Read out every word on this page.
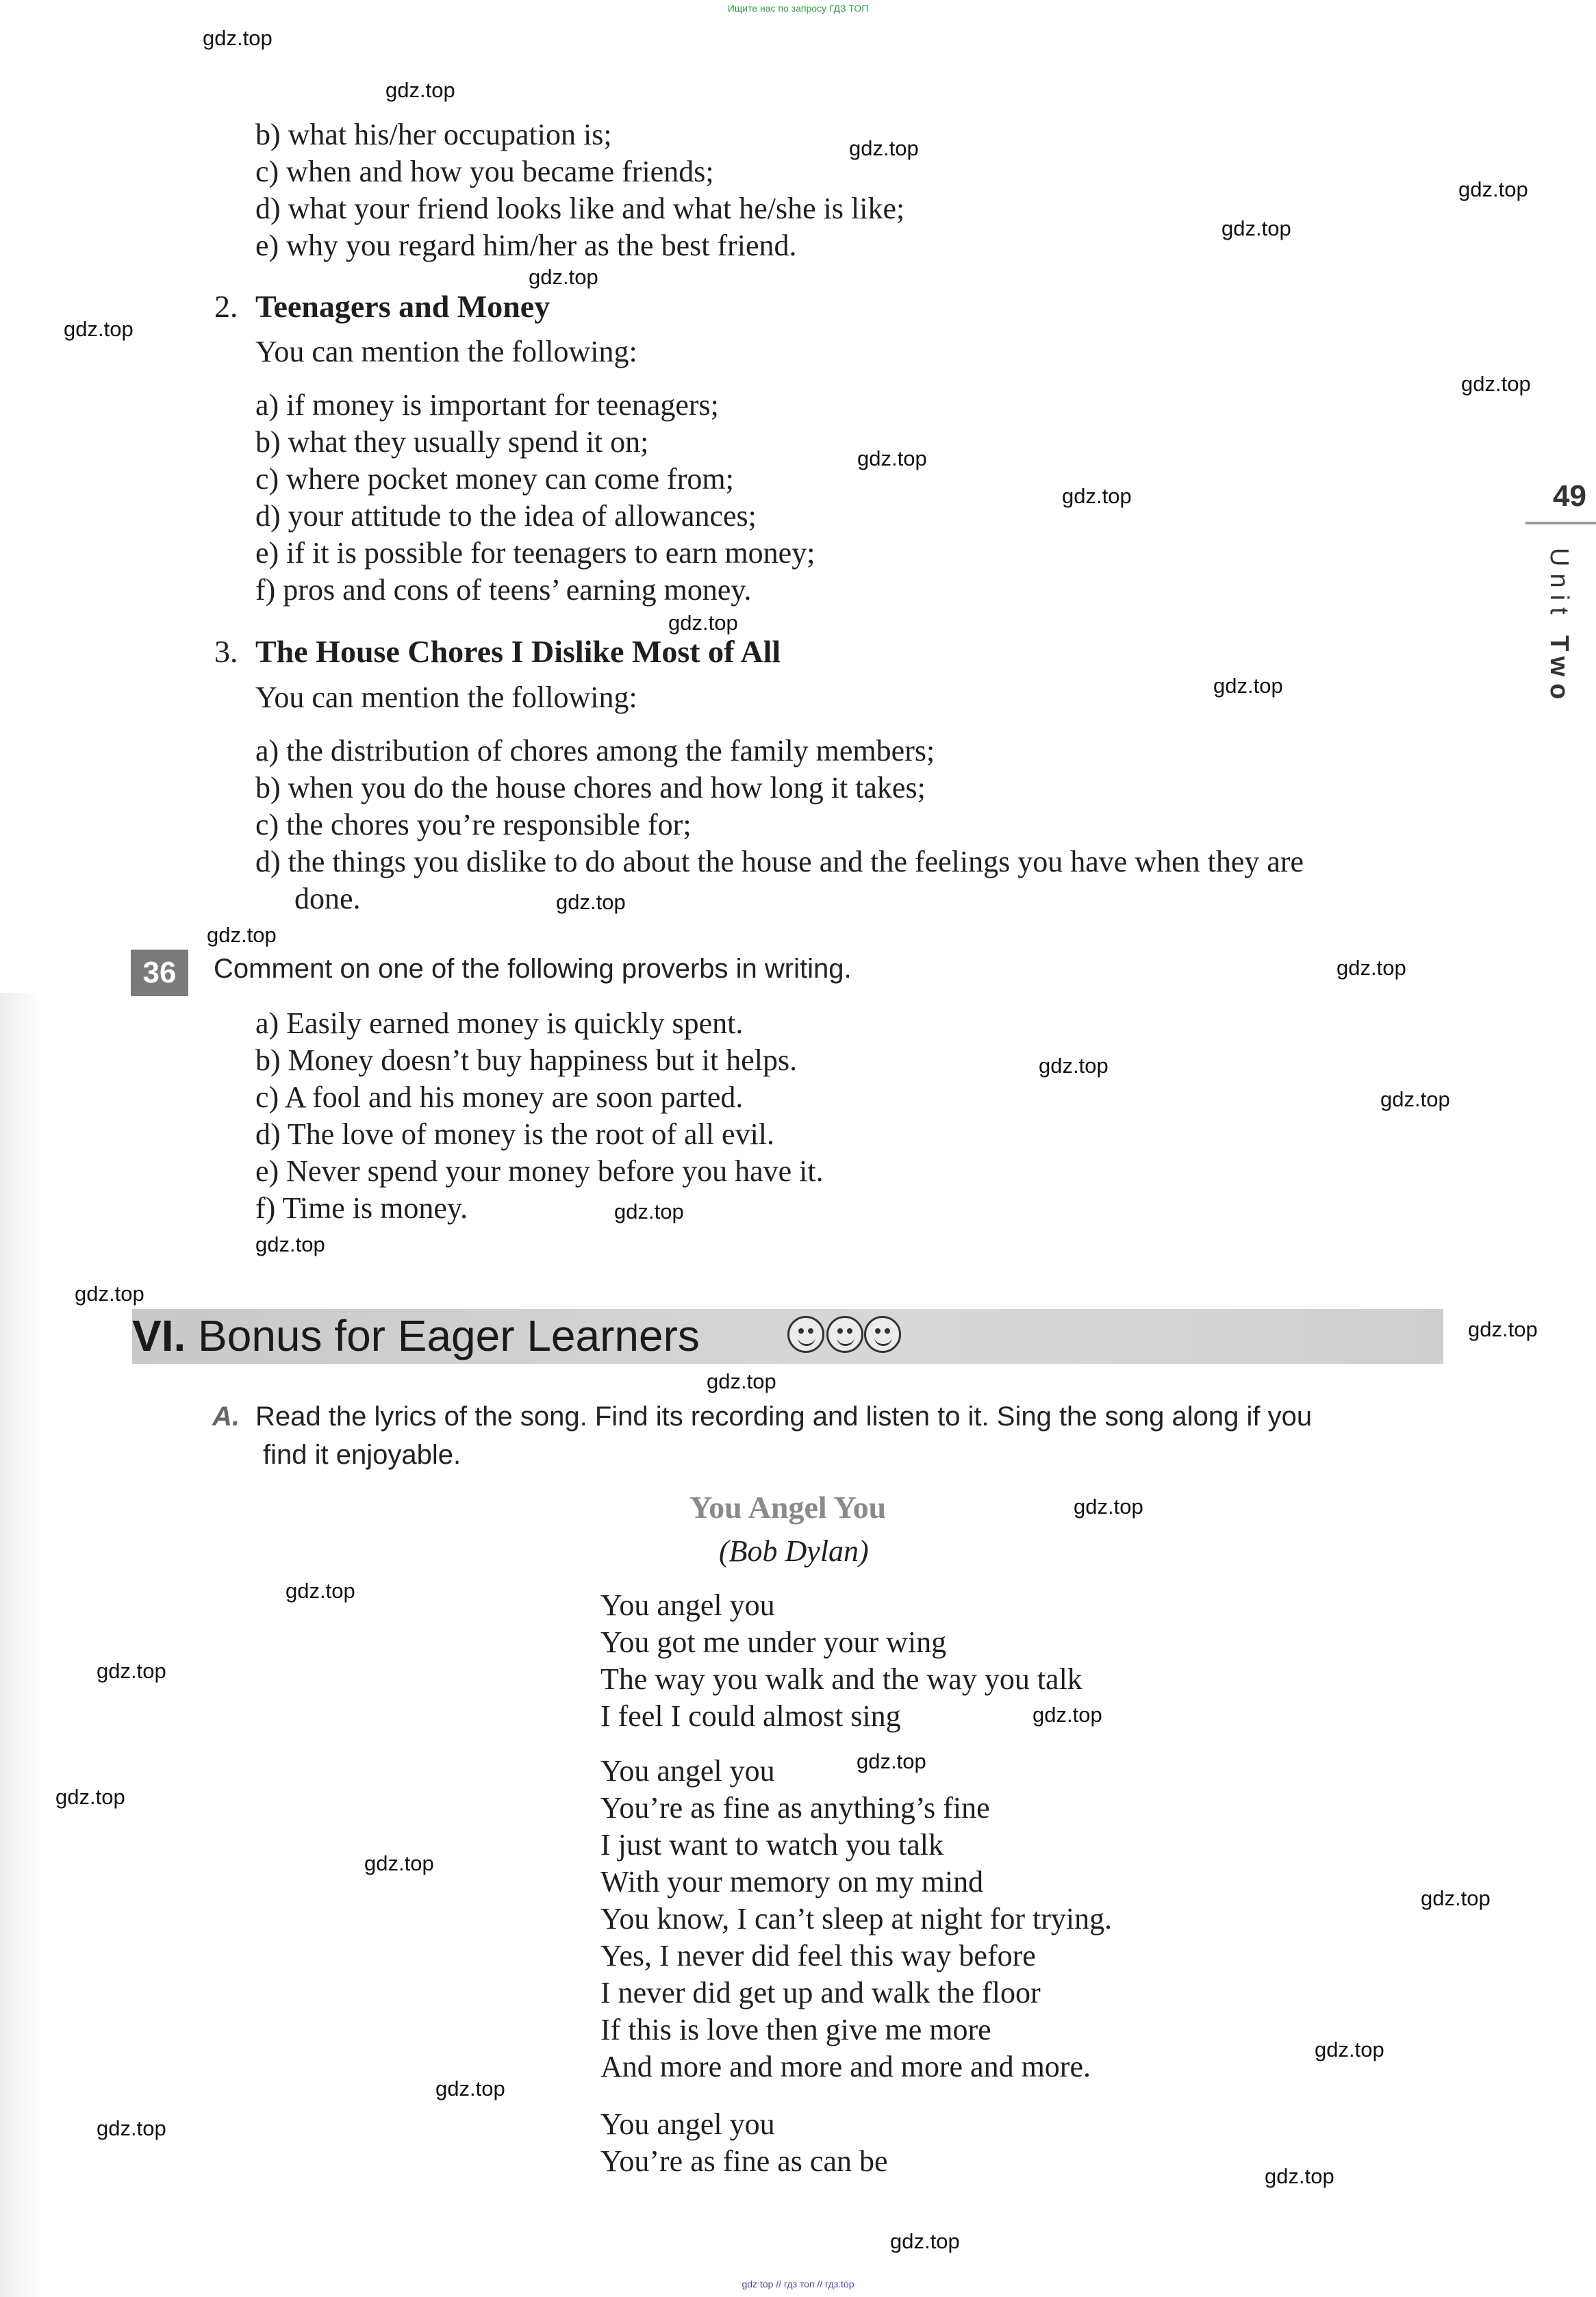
Ищите нас по запросу ГДЗ ТОП
gdz top // гдз топ // гдз.top
49
Unit Two
b) what his/her occupation is;
c) when and how you became friends;
d) what your friend looks like and what he/she is like;
e) why you regard him/her as the best friend.
2. Teenagers and Money
You can mention the following:
a) if money is important for teenagers;
b) what they usually spend it on;
c) where pocket money can come from;
d) your attitude to the idea of allowances;
e) if it is possible for teenagers to earn money;
f) pros and cons of teens’ earning money.
3. The House Chores I Dislike Most of All
You can mention the following:
a) the distribution of chores among the family members;
b) when you do the house chores and how long it takes;
c) the chores you’re responsible for;
d) the things you dislike to do about the house and the feelings you have when they are
done.
36	Comment on one of the following proverbs in writing.
a) Easily earned money is quickly spent.
b) Money doesn’t buy happiness but it helps.
c) A fool and his money are soon parted.
d) The love of money is the root of all evil.
e) Never spend your money before you have it.
f) Time is money.
VI. Bonus for Eager Learners
A. Read the lyrics of the song. Find its recording and listen to it. Sing the song along if you
find it enjoyable.
You Angel You
(Bob Dylan)
You angel you
You got me under your wing
The way you walk and the way you talk
I feel I could almost sing
You angel you
You’re as fine as anything’s fine
I just want to watch you talk
With your memory on my mind
You know, I can’t sleep at night for trying.
Yes, I never did feel this way before
I never did get up and walk the floor
If this is love then give me more
And more and more and more and more.
You angel you
You’re as fine as can be
gdz.top
gdz.top
gdz.top
gdz.top
gdz.top
gdz.top
gdz.top
gdz.top
gdz.top
gdz.top
gdz.top
gdz.top
gdz.top
gdz.top
gdz.top
gdz.top
gdz.top
gdz.top
gdz.top
gdz.top
gdz.top
gdz.top
gdz.top
gdz.top
gdz.top
gdz.top
gdz.top
gdz.top
gdz.top
gdz.top
gdz.top
gdz.top
gdz.top
gdz.top
gdz.top
